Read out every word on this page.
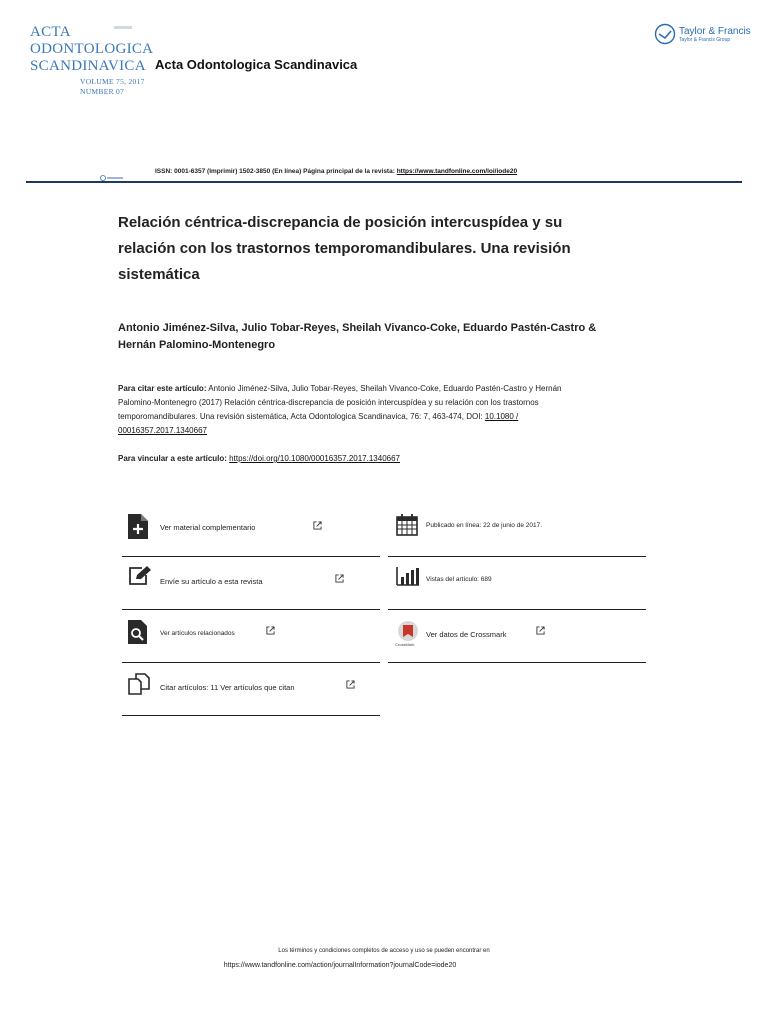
ACTA
ODONTOLOGICA
SCANDINAVICA
VOLUME 75, 2017
NUMBER 07
Taylor & Francis
Taylor & Francis Group
Acta Odontologica Scandinavica
ISSN: 0001-6357 (Imprimir) 1502-3850 (En línea) Página principal de la revista: https://www.tandfonline.com/loi/iode20
Relación céntrica-discrepancia de posición intercuspídea y su
relación con los trastornos temporomandibulares. Una revisión
sistemática
Antonio Jiménez-Silva, Julio Tobar-Reyes, Sheilah Vivanco-Coke, Eduardo Pastén-Castro &
Hernán Palomino-Montenegro
Para citar este artículo: Antonio Jiménez-Silva, Julio Tobar-Reyes, Sheilah Vivanco-Coke, Eduardo Pastén-Castro y Hernán
Palomino-Montenegro (2017) Relación céntrica-discrepancia de posición intercuspídea y su relación con los trastornos
temporomandibulares. Una revisión sistemática, Acta Odontologica Scandinavica, 76: 7, 463-474, DOI: 10.1080 /
00016357.2017.1340667
Para vincular a este artículo: https://doi.org/10.1080/00016357.2017.1340667
Ver material complementario	Publicado en línea: 22 de junio de 2017.
Envíe su artículo a esta revista	Vistas del artículo: 689
Ver artículos relacionados
CrossMark
Ver datos de Crossmark
Citar artículos: 11 Ver artículos que citan
Los términos y condiciones completos de acceso y uso se pueden encontrar en
https://www.tandfonline.com/action/journalInformation?journalCode=iode20
